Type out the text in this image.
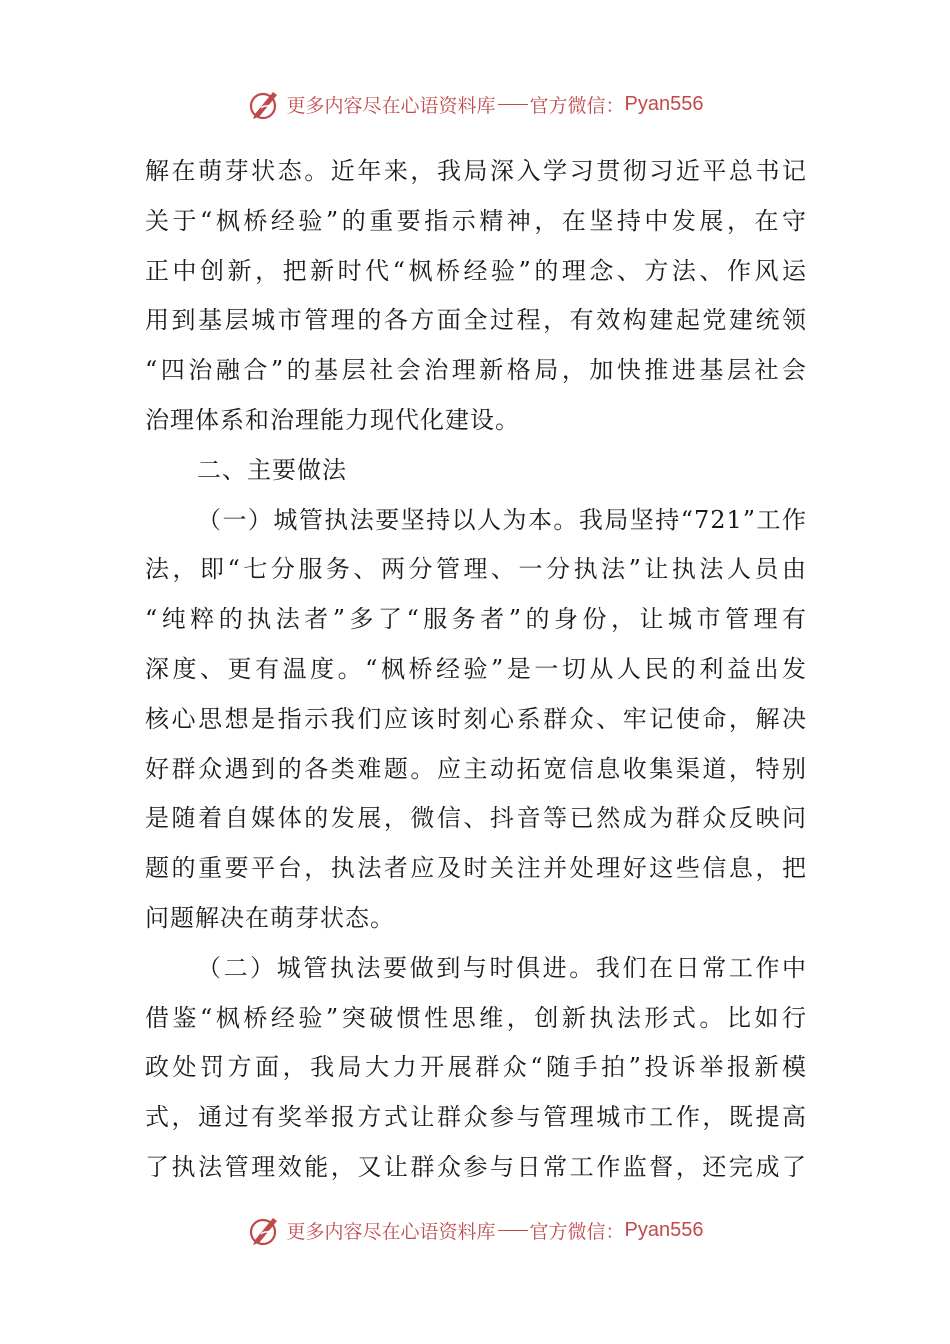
更多内容尽在心语资料库 官方微信： Pyan556
解在萌芽状态。近年来，我局深入学习贯彻习近平总书记
关于“枫桥经验”的重要指示精神，在坚持中发展，在守
正中创新，把新时代“枫桥经验”的理念、方法、作风运
用到基层城市管理的各方面全过程，有效构建起党建统领
“四治融合”的基层社会治理新格局，加快推进基层社会
治理体系和治理能力现代化建设。
二、主要做法
（一）城管执法要坚持以人为本。我局坚持“721”工作
法，即“七分服务、两分管理、一分执法”让执法人员由
“纯粹的执法者”多了“服务者”的身份，让城市管理有
深度、更有温度。“枫桥经验”是一切从人民的利益出发
核心思想是指示我们应该时刻心系群众、牢记使命，解决
好群众遇到的各类难题。应主动拓宽信息收集渠道，特别
是随着自媒体的发展，微信、抖音等已然成为群众反映问
题的重要平台，执法者应及时关注并处理好这些信息，把
问题解决在萌芽状态。
（二）城管执法要做到与时俱进。我们在日常工作中
借鉴“枫桥经验”突破惯性思维，创新执法形式。比如行
政处罚方面，我局大力开展群众“随手拍”投诉举报新模
式，通过有奖举报方式让群众参与管理城市工作，既提高
了执法管理效能，又让群众参与日常工作监督，还完成了
更多内容尽在心语资料库 官方微信： Pyan556
